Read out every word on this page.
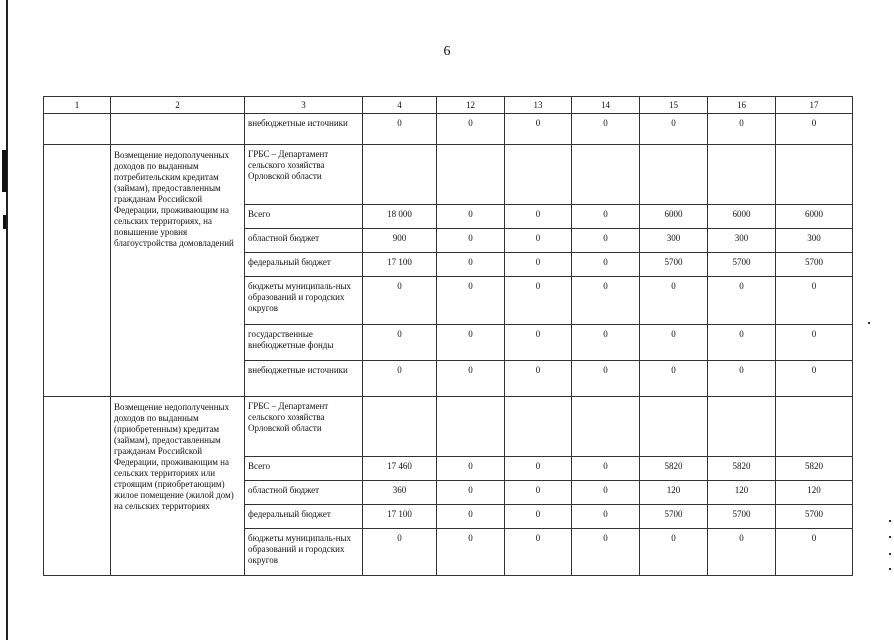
6
1	2	3	4	12	13	14	15	16	17
		внебюджетные источники	0	0	0	0	0	0	0
	Возмещение недополученных доходов по выданным потребительским кредитам (займам), предоставленным гражданам Российской Федерации, проживающим на сельских территориях, на повышение уровня благоустройства домовладений	ГРБС – Департамент сельского хозяйства Орловской области							
		Всего	18 000	0	0	0	6000	6000	6000
		областной бюджет	900	0	0	0	300	300	300
		федеральный бюджет	17 100	0	0	0	5700	5700	5700
		бюджеты муниципаль-ных образований и городских округов	0	0	0	0	0	0	0
		государственные внебюджетные фонды	0	0	0	0	0	0	0
		внебюджетные источники	0	0	0	0	0	0	0
	Возмещение недополученных доходов по выданным (приобретенным) кредитам (займам), предоставленным гражданам Российской Федерации, проживающим на сельских территориях или строящим (приобретающим) жилое помещение (жилой дом) на сельских территориях	ГРБС – Департамент сельского хозяйства Орловской области							
		Всего	17 460	0	0	0	5820	5820	5820
		областной бюджет	360	0	0	0	120	120	120
		федеральный бюджет	17 100	0	0	0	5700	5700	5700
		бюджеты муниципаль-ных образований и городских округов	0	0	0	0	0	0	0
